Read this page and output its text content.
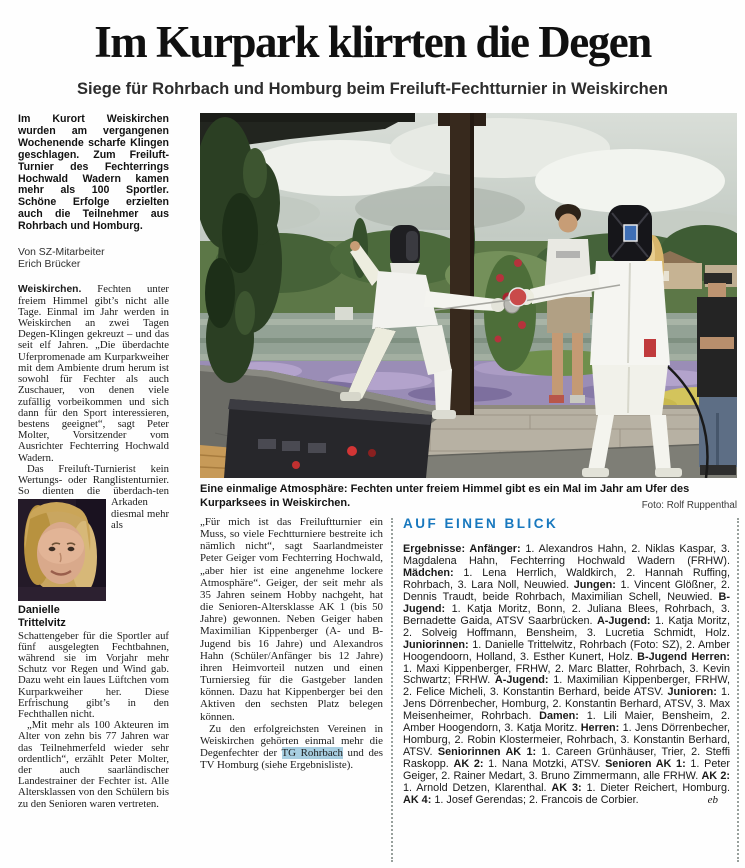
Im Kurpark klirrten die Degen
Siege für Rohrbach und Homburg beim Freiluft-Fechtturnier in Weiskirchen

Im Kurort Weiskirchen wurden am vergangenen Wochenende scharfe Klingen geschlagen. Zum Freiluft-Turnier des Fechterrings Hochwald Wadern kamen mehr als 100 Sportler. Schöne Erfolge erzielten auch die Teilnehmer aus Rohrbach und Homburg.

Von SZ-Mitarbeiter
Erich Brücker

Weiskirchen. Fechten unter freiem Himmel gibt’s nicht alle Tage. Einmal im Jahr werden in Weiskirchen an zwei Tagen Degen-Klingen gekreuzt – und das seit elf Jahren. „Die überdachte Uferpromenade am Kurparkweiher mit dem Ambiente drum herum ist sowohl für Fechter als auch Zuschauer, von denen viele zufällig vorbeikommen und sich dann für den Sport interessieren, bestens geeignet“, sagt Peter Molter, Vorsitzender vom Ausrichter Fechterring Hochwald Wadern.

Das Freiluft-Turnierist kein Wertungs- oder Ranglistenturnier. So dienten die überdach-
Danielle
Trittelvitz
ten Arkaden diesmal mehr als Schattengeber für die Sportler auf fünf ausgelegten Fechtbahnen, während sie im Vorjahr mehr Schutz vor Regen und Wind gab. Dazu weht ein laues Lüftchen vom Kurparkweiher her. Diese Erfrischung gibt’s in den Fechthallen nicht.

„Mit mehr als 100 Akteuren im Alter von zehn bis 77 Jahren war das Teilnehmerfeld wieder sehr ordentlich“, erzählt Peter Molter, der auch saarländischer Landestrainer der Fechter ist. Alle Altersklassen von den Schülern bis zu den Senioren waren vertreten.

Eine einmalige Atmosphäre: Fechten unter freiem Himmel gibt es ein Mal im Jahr am Ufer des Kurparksees in Weiskirchen.	Foto: Rolf Ruppenthal

„Für mich ist das Freiluftturnier ein Muss, so viele Fechtturniere bestreite ich nämlich nicht“, sagt Saarlandmeister Peter Geiger vom Fechterring Hochwald, „aber hier ist eine angenehme lockere Atmosphäre“. Geiger, der seit mehr als 35 Jahren seinem Hobby nachgeht, hat die Senioren-Altersklasse AK 1 (bis 50 Jahre) gewonnen. Neben Geiger haben Maximilian Kippenberger (A- und B-Jugend bis 16 Jahre) und Alexandros Hahn (Schüler/Anfänger bis 12 Jahre) ihren Heimvorteil nutzen und einen Turniersieg für die Gastgeber landen können. Dazu hat Kippenberger bei den Aktiven den sechsten Platz belegen können.

Zu den erfolgreichsten Vereinen in Weiskirchen gehörten einmal mehr die Degenfechter der TG Rohrbach und des TV Homburg (siehe Ergebnisliste).

AUF EINEN BLICK
Ergebnisse: Anfänger: 1. Alexandros Hahn, 2. Niklas Kaspar, 3. Magdalena Hahn, Fechterring Hochwald Wadern (FRHW). Mädchen: 1. Lena Herrlich, Waldkirch, 2. Hannah Ruffing, Rohrbach, 3. Lara Noll, Neuwied. Jungen: 1. Vincent Glößner, 2. Dennis Traudt, beide Rohrbach, Maximilian Schell, Neuwied. B-Jugend: 1. Katja Moritz, Bonn, 2. Juliana Blees, Rohrbach, 3. Bernadette Gaida, ATSV Saarbrücken. A-Jugend: 1. Katja Moritz, 2. Solveig Hoffmann, Bensheim, 3. Lucretia Schmidt, Holz. Juniorinnen: 1. Danielle Trittelwitz, Rohrbach (Foto: SZ), 2. Amber Hoogendoorn, Holland, 3. Esther Kunert, Holz. B-Jugend Herren: 1. Maxi Kippenberger, FRHW, 2. Marc Blatter, Rohrbach, 3. Kevin Schwartz; FRHW. A-Jugend: 1. Maximilian Kippenberger, FRHW, 2. Felice Micheli, 3. Konstantin Berhard, beide ATSV. Junioren: 1. Jens Dörrenbecher, Homburg, 2. Konstantin Berhard, ATSV, 3. Max Meisenheimer, Rohrbach. Damen: 1. Lili Maier, Bensheim, 2. Amber Hoogendorn, 3. Katja Moritz. Herren: 1. Jens Dörrenbecher, Homburg, 2. Robin Klostermeier, Rohrbach, 3. Konstantin Berhard, ATSV. Seniorinnen AK 1: 1. Careen Grünhäuser, Trier, 2. Steffi Raskopp. AK 2: 1. Nana Motzki, ATSV. Senioren AK 1: 1. Peter Geiger, 2. Rainer Medart, 3. Bruno Zimmermann, alle FRHW. AK 2: 1. Arnold Detzen, Klarenthal. AK 3: 1. Dieter Reichert, Homburg. AK 4: 1. Josef Gerendas; 2. Francois de Corbier.	eb
